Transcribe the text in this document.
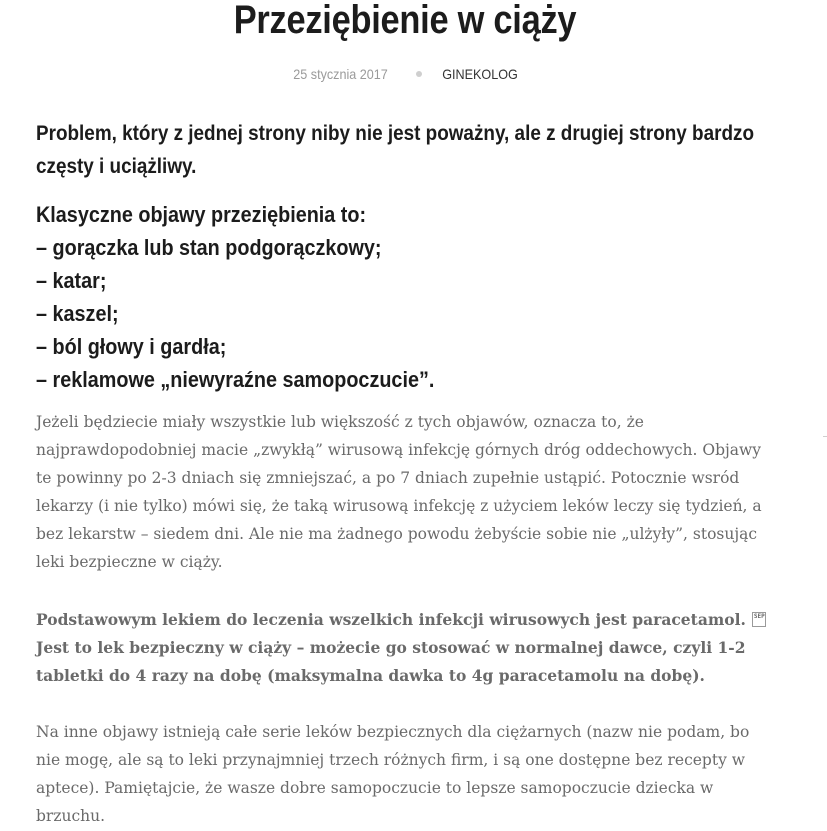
Przeziębienie w ciąży
25 stycznia 2017	GINEKOLOG

Problem, który z jednej strony niby nie jest poważny, ale z drugiej strony bardzo częsty i uciążliwy.

Klasyczne objawy przeziębienia to:
– gorączka lub stan podgorączkowy;
– katar;
– kaszel;
– ból głowy i gardła;
– reklamowe „niewyraźne samopoczucie”.

Jeżeli będziecie miały wszystkie lub większość z tych objawów, oznacza to, że najprawdopodobniej macie „zwykłą” wirusową infekcję górnych dróg oddechowych. Objawy te powinny po 2-3 dniach się zmniejszać, a po 7 dniach zupełnie ustąpić. Potocznie wsród lekarzy (i nie tylko) mówi się, że taką wirusową infekcję z użyciem leków leczy się tydzień, a bez lekarstw – siedem dni. Ale nie ma żadnego powodu żebyście sobie nie „ulżyły”, stosując leki bezpieczne w ciąży.

Podstawowym lekiem do leczenia wszelkich infekcji wirusowych jest paracetamol. SEPJest to lek bezpieczny w ciąży – możecie go stosować w normalnej dawce, czyli 1-2 tabletki do 4 razy na dobę (maksymalna dawka to 4g paracetamolu na dobę).

Na inne objawy istnieją całe serie leków bezpiecznych dla ciężarnych (nazw nie podam, bo nie mogę, ale są to leki przynajmniej trzech różnych firm, i są one dostępne bez recepty w aptece). Pamiętajcie, że wasze dobre samopoczucie to lepsze samopoczucie dziecka w brzuchu.
